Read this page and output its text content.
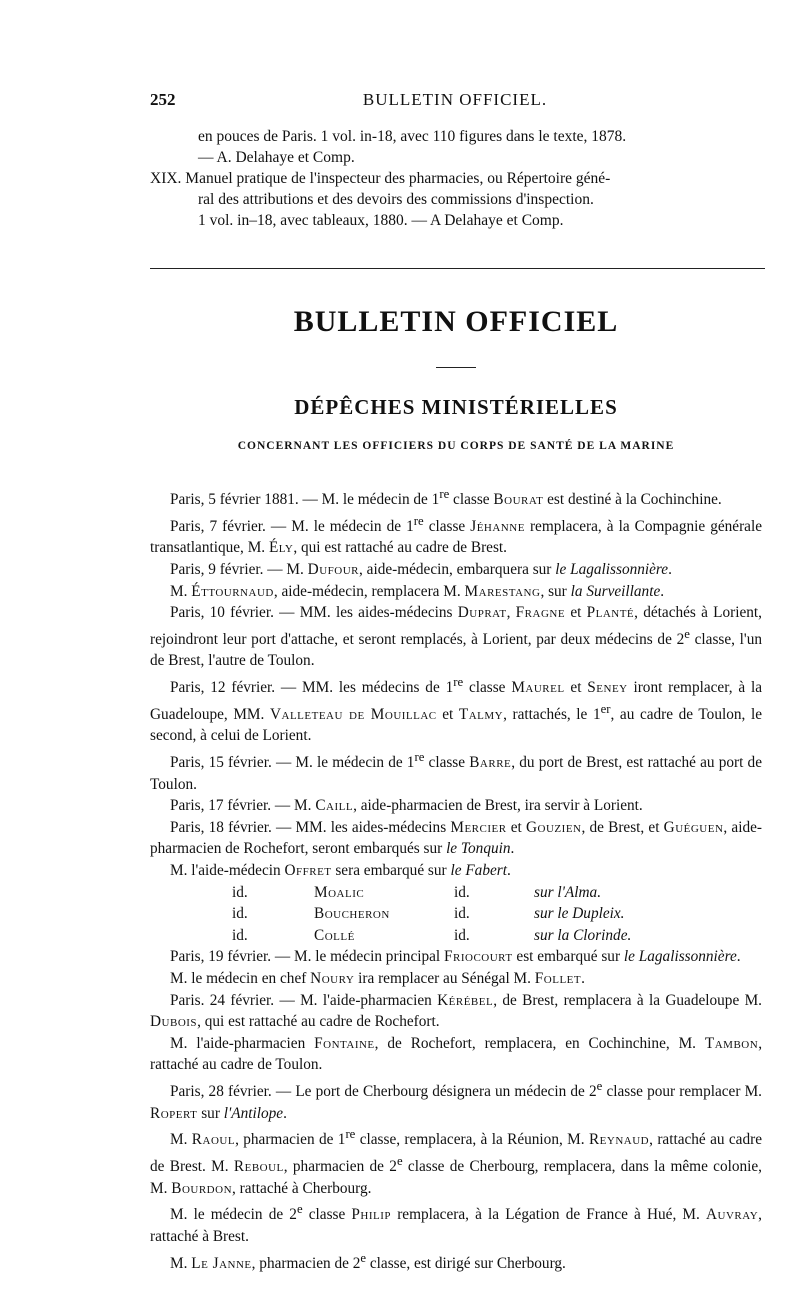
252	BULLETIN OFFICIEL.

en pouces de Paris. 1 vol. in-18, avec 110 figures dans le texte, 1878.

— A. Delahaye et Comp.

XIX. Manuel pratique de l'inspecteur des pharmacies, ou Répertoire géné-

ral des attributions et des devoirs des commissions d'inspection.

1 vol. in–18, avec tableaux, 1880. — A Delahaye et Comp.

BULLETIN OFFICIEL
DÉPÊCHES MINISTÉRIELLES
CONCERNANT LES OFFICIERS DU CORPS DE SANTÉ DE LA MARINE

Paris, 5 février 1881. — M. le médecin de 1re classe Bourat est destiné à la Cochinchine.

Paris, 7 février. — M. le médecin de 1re classe Jéhanne remplacera, à la Compagnie générale transatlantique, M. Ély, qui est rattaché au cadre de Brest.

Paris, 9 février. — M. Dufour, aide-médecin, embarquera sur le Lagalissonnière.

M. Éttournaud, aide-médecin, remplacera M. Marestang, sur la Surveillante.

Paris, 10 février. — MM. les aides-médecins Duprat, Fragne et Planté, détachés à Lorient, rejoindront leur port d'attache, et seront remplacés, à Lorient, par deux médecins de 2e classe, l'un de Brest, l'autre de Toulon.

Paris, 12 février. — MM. les médecins de 1re classe Maurel et Seney iront remplacer, à la Guadeloupe, MM. Valleteau de Mouillac et Talmy, rattachés, le 1er, au cadre de Toulon, le second, à celui de Lorient.

Paris, 15 février. — M. le médecin de 1re classe Barre, du port de Brest, est rattaché au port de Toulon.

Paris, 17 février. — M. Caill, aide-pharmacien de Brest, ira servir à Lorient.

Paris, 18 février. — MM. les aides-médecins Mercier et Gouzien, de Brest, et Guéguen, aide-pharmacien de Rochefort, seront embarqués sur le Tonquin.

M. l'aide-médecin Offret sera embarqué sur le Fabert.

id.	Moalic	id.	sur l'Alma.
id.	Boucheron	id.	sur le Dupleix.
id.	Collé	id.	sur la Clorinde.

Paris, 19 février. — M. le médecin principal Friocourt est embarqué sur le Lagalissonnière.

M. le médecin en chef Noury ira remplacer au Sénégal M. Follet.

Paris. 24 février. — M. l'aide-pharmacien Kérébel, de Brest, remplacera à la Guadeloupe M. Dubois, qui est rattaché au cadre de Rochefort.

M. l'aide-pharmacien Fontaine, de Rochefort, remplacera, en Cochinchine, M. Tambon, rattaché au cadre de Toulon.

Paris, 28 février. — Le port de Cherbourg désignera un médecin de 2e classe pour remplacer M. Ropert sur l'Antilope.

M. Raoul, pharmacien de 1re classe, remplacera, à la Réunion, M. Reynaud, rattaché au cadre de Brest. M. Reboul, pharmacien de 2e classe de Cherbourg, remplacera, dans la même colonie, M. Bourdon, rattaché à Cherbourg.

M. le médecin de 2e classe Philip remplacera, à la Légation de France à Hué, M. Auvray, rattaché à Brest.

M. Le Janne, pharmacien de 2e classe, est dirigé sur Cherbourg.
